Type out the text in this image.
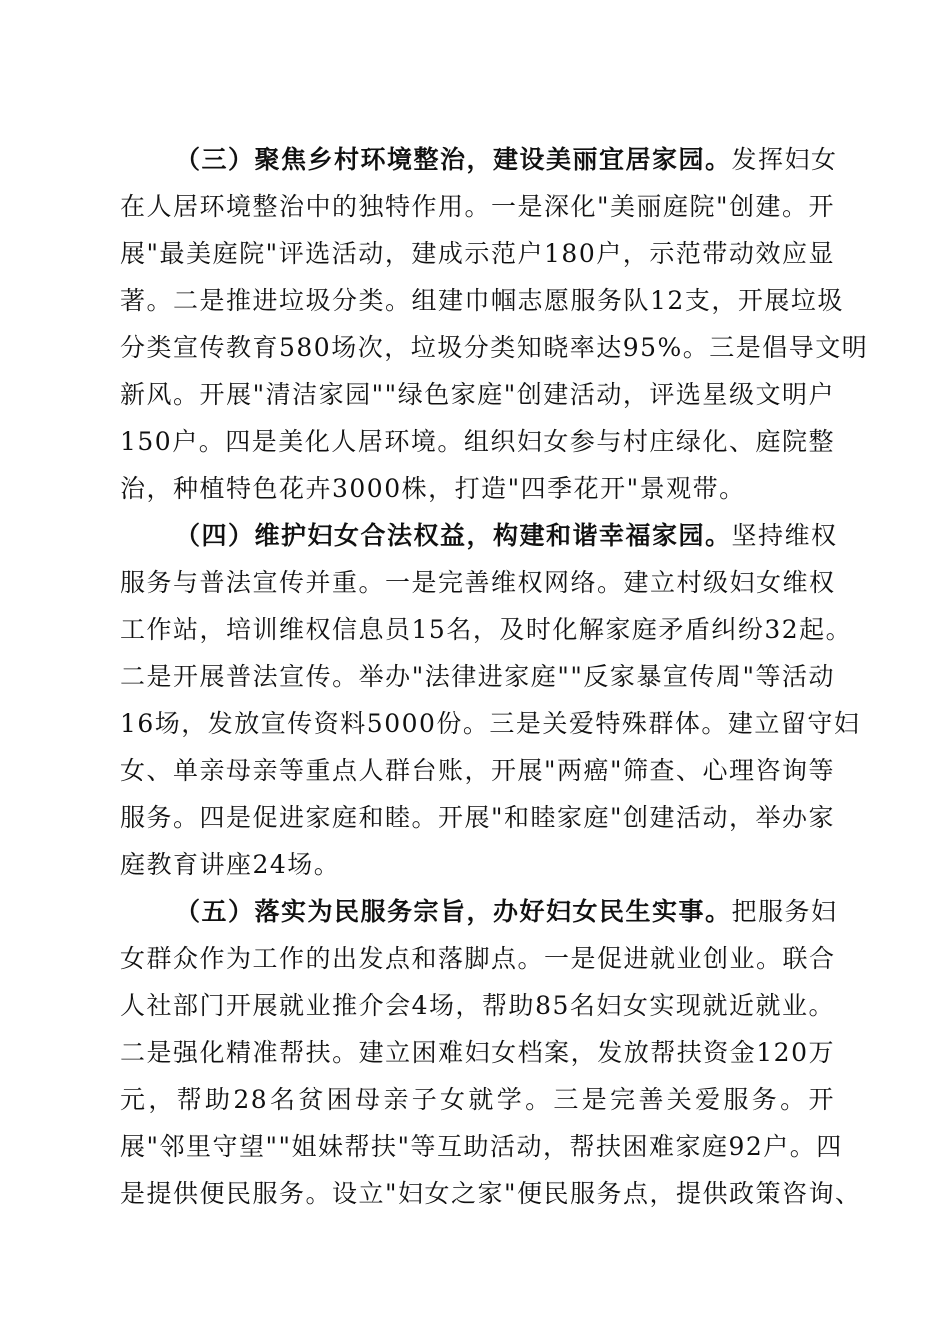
（三）聚焦乡村环境整治，建设美丽宜居家园。发挥妇女
在人居环境整治中的独特作用。一是深化"美丽庭院"创建。开
展"最美庭院"评选活动，建成示范户180户，示范带动效应显
著。二是推进垃圾分类。组建巾帼志愿服务队12支，开展垃圾
分类宣传教育580场次，垃圾分类知晓率达95%。三是倡导文明
新风。开展"清洁家园""绿色家庭"创建活动，评选星级文明户
150户。四是美化人居环境。组织妇女参与村庄绿化、庭院整
治，种植特色花卉3000株，打造"四季花开"景观带。
（四）维护妇女合法权益，构建和谐幸福家园。坚持维权
服务与普法宣传并重。一是完善维权网络。建立村级妇女维权
工作站，培训维权信息员15名，及时化解家庭矛盾纠纷32起。
二是开展普法宣传。举办"法律进家庭""反家暴宣传周"等活动
16场，发放宣传资料5000份。三是关爱特殊群体。建立留守妇
女、单亲母亲等重点人群台账，开展"两癌"筛查、心理咨询等
服务。四是促进家庭和睦。开展"和睦家庭"创建活动，举办家
庭教育讲座24场。
（五）落实为民服务宗旨，办好妇女民生实事。把服务妇
女群众作为工作的出发点和落脚点。一是促进就业创业。联合
人社部门开展就业推介会4场，帮助85名妇女实现就近就业。
二是强化精准帮扶。建立困难妇女档案，发放帮扶资金120万
元，帮助28名贫困母亲子女就学。三是完善关爱服务。开
展"邻里守望""姐妹帮扶"等互助活动，帮扶困难家庭92户。四
是提供便民服务。设立"妇女之家"便民服务点，提供政策咨询、
